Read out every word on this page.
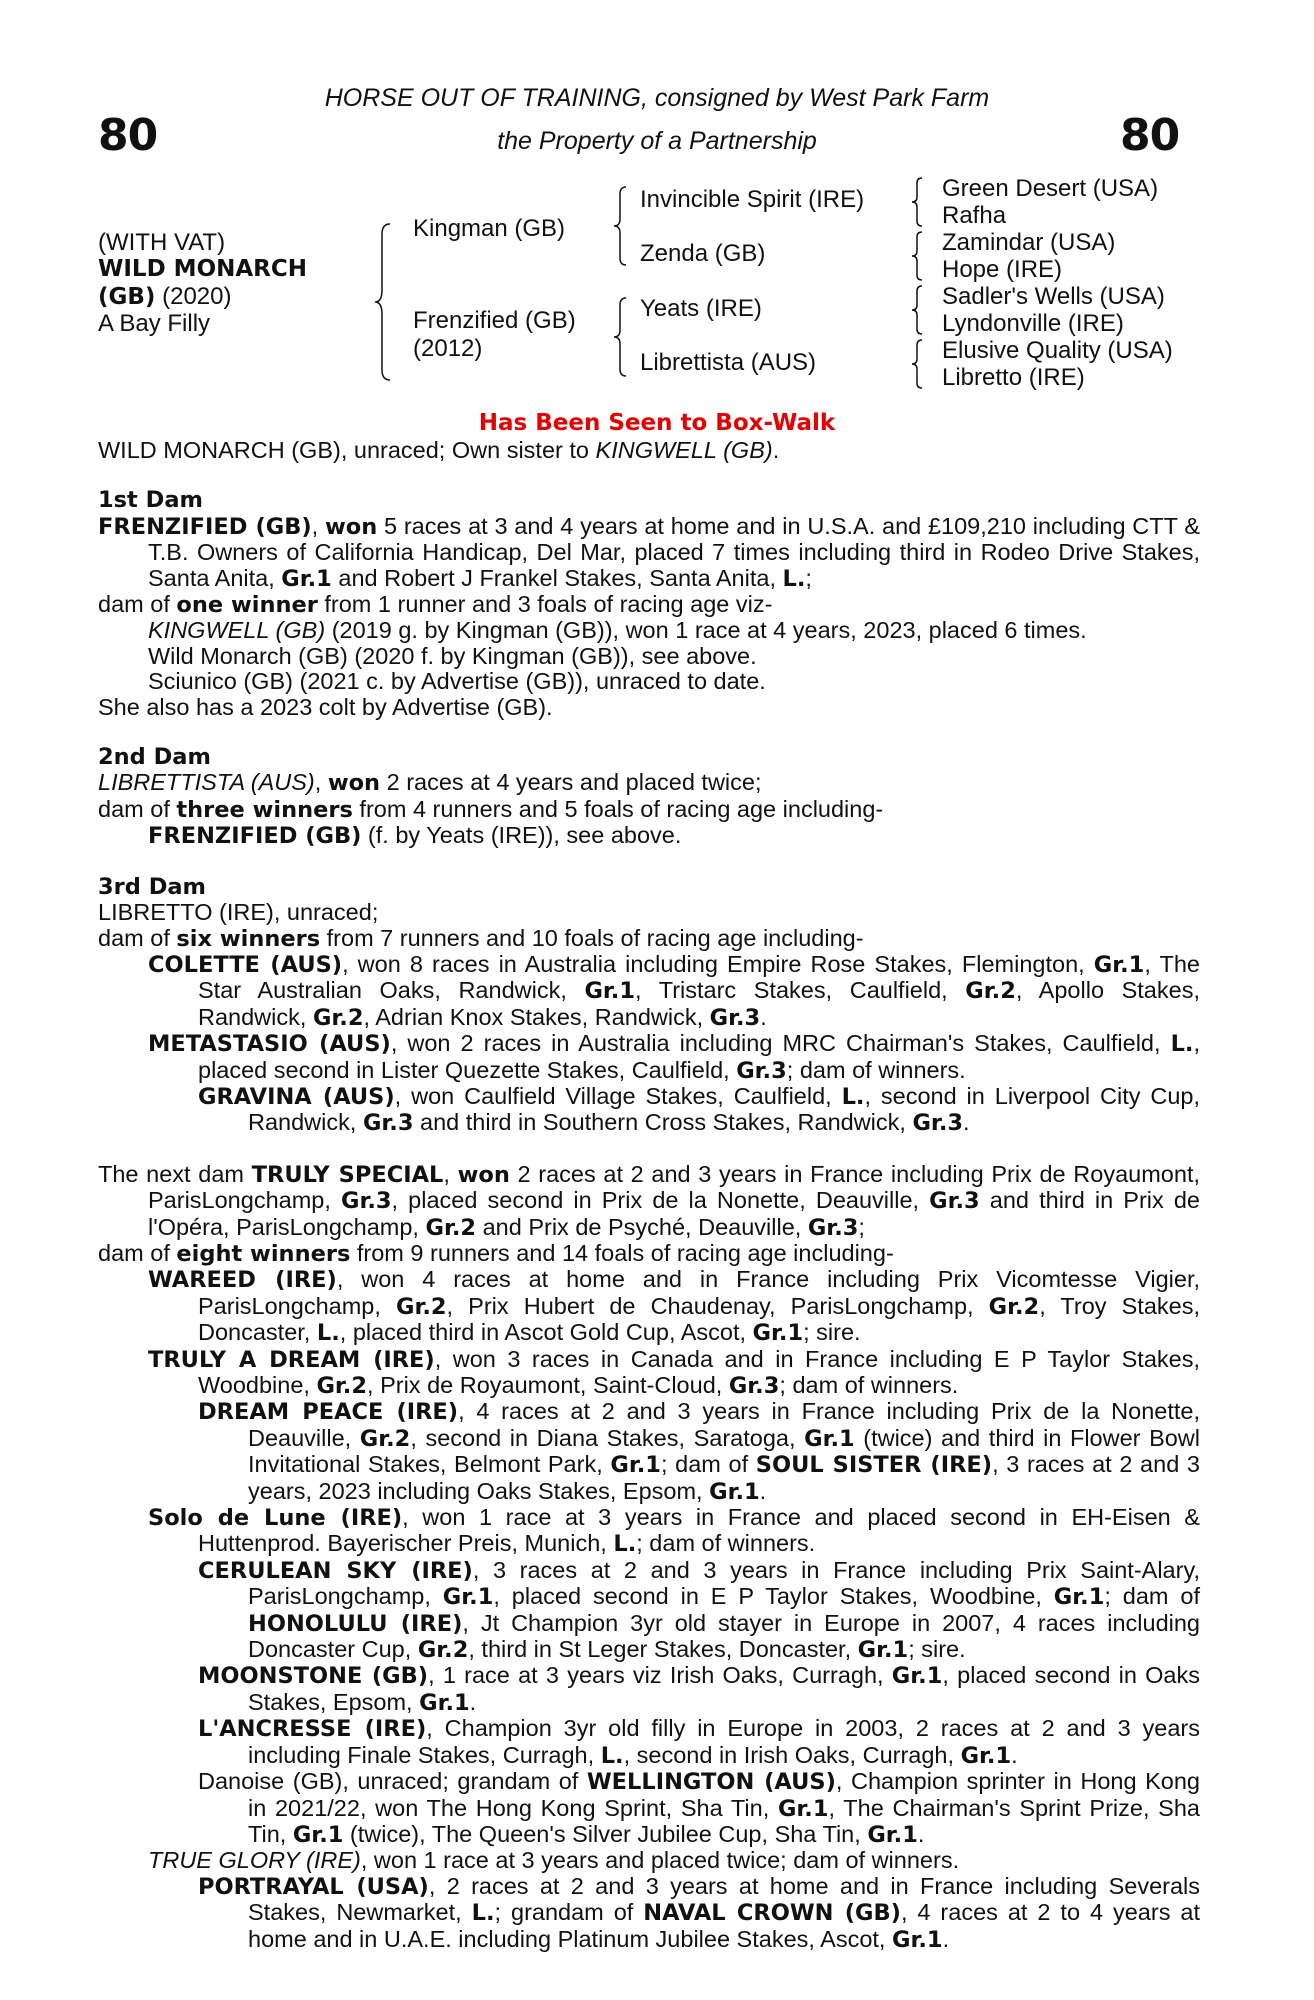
80	80
HORSE OUT OF TRAINING, consigned by West Park Farm
the Property of a Partnership
(WITH VAT)
WILD MONARCH
(GB) (2020)
A Bay Filly
Kingman (GB)
Frenzified (GB)
(2012)
Invincible Spirit (IRE)
Zenda (GB)
Yeats (IRE)
Librettista (AUS)
Green Desert (USA)
Rafha
Zamindar (USA)
Hope (IRE)
Sadler's Wells (USA)
Lyndonville (IRE)
Elusive Quality (USA)
Libretto (IRE)
Has Been Seen to Box-Walk

WILD MONARCH (GB), unraced; Own sister to KINGWELL (GB).

1st Dam

FRENZIFIED (GB), won 5 races at 3 and 4 years at home and in U.S.A. and £109,210 including CTT & T.B. Owners of California Handicap, Del Mar, placed 7 times including third in Rodeo Drive Stakes, Santa Anita, Gr.1 and Robert J Frankel Stakes, Santa Anita, L.;

dam of one winner from 1 runner and 3 foals of racing age viz-

KINGWELL (GB) (2019 g. by Kingman (GB)), won 1 race at 4 years, 2023, placed 6 times.

Wild Monarch (GB) (2020 f. by Kingman (GB)), see above.

Sciunico (GB) (2021 c. by Advertise (GB)), unraced to date.

She also has a 2023 colt by Advertise (GB).

2nd Dam

LIBRETTISTA (AUS), won 2 races at 4 years and placed twice;

dam of three winners from 4 runners and 5 foals of racing age including-

FRENZIFIED (GB) (f. by Yeats (IRE)), see above.

3rd Dam

LIBRETTO (IRE), unraced;

dam of six winners from 7 runners and 10 foals of racing age including-

COLETTE (AUS), won 8 races in Australia including Empire Rose Stakes, Flemington, Gr.1, The Star Australian Oaks, Randwick, Gr.1, Tristarc Stakes, Caulfield, Gr.2, Apollo Stakes, Randwick, Gr.2, Adrian Knox Stakes, Randwick, Gr.3.

METASTASIO (AUS), won 2 races in Australia including MRC Chairman's Stakes, Caulfield, L., placed second in Lister Quezette Stakes, Caulfield, Gr.3; dam of winners.

GRAVINA (AUS), won Caulfield Village Stakes, Caulfield, L., second in Liverpool City Cup, Randwick, Gr.3 and third in Southern Cross Stakes, Randwick, Gr.3.

The next dam TRULY SPECIAL, won 2 races at 2 and 3 years in France including Prix de Royaumont, ParisLongchamp, Gr.3, placed second in Prix de la Nonette, Deauville, Gr.3 and third in Prix de l'Opéra, ParisLongchamp, Gr.2 and Prix de Psyché, Deauville, Gr.3;

dam of eight winners from 9 runners and 14 foals of racing age including-

WAREED (IRE), won 4 races at home and in France including Prix Vicomtesse Vigier, ParisLongchamp, Gr.2, Prix Hubert de Chaudenay, ParisLongchamp, Gr.2, Troy Stakes, Doncaster, L., placed third in Ascot Gold Cup, Ascot, Gr.1; sire.

TRULY A DREAM (IRE), won 3 races in Canada and in France including E P Taylor Stakes, Woodbine, Gr.2, Prix de Royaumont, Saint-Cloud, Gr.3; dam of winners.

DREAM PEACE (IRE), 4 races at 2 and 3 years in France including Prix de la Nonette, Deauville, Gr.2, second in Diana Stakes, Saratoga, Gr.1 (twice) and third in Flower Bowl Invitational Stakes, Belmont Park, Gr.1; dam of SOUL SISTER (IRE), 3 races at 2 and 3 years, 2023 including Oaks Stakes, Epsom, Gr.1.

Solo de Lune (IRE), won 1 race at 3 years in France and placed second in EH-Eisen & Huttenprod. Bayerischer Preis, Munich, L.; dam of winners.

CERULEAN SKY (IRE), 3 races at 2 and 3 years in France including Prix Saint-Alary, ParisLongchamp, Gr.1, placed second in E P Taylor Stakes, Woodbine, Gr.1; dam of HONOLULU (IRE), Jt Champion 3yr old stayer in Europe in 2007, 4 races including Doncaster Cup, Gr.2, third in St Leger Stakes, Doncaster, Gr.1; sire.

MOONSTONE (GB), 1 race at 3 years viz Irish Oaks, Curragh, Gr.1, placed second in Oaks Stakes, Epsom, Gr.1.

L'ANCRESSE (IRE), Champion 3yr old filly in Europe in 2003, 2 races at 2 and 3 years including Finale Stakes, Curragh, L., second in Irish Oaks, Curragh, Gr.1.

Danoise (GB), unraced; grandam of WELLINGTON (AUS), Champion sprinter in Hong Kong in 2021/22, won The Hong Kong Sprint, Sha Tin, Gr.1, The Chairman's Sprint Prize, Sha Tin, Gr.1 (twice), The Queen's Silver Jubilee Cup, Sha Tin, Gr.1.

TRUE GLORY (IRE), won 1 race at 3 years and placed twice; dam of winners.

PORTRAYAL (USA), 2 races at 2 and 3 years at home and in France including Severals Stakes, Newmarket, L.; grandam of NAVAL CROWN (GB), 4 races at 2 to 4 years at home and in U.A.E. including Platinum Jubilee Stakes, Ascot, Gr.1.
